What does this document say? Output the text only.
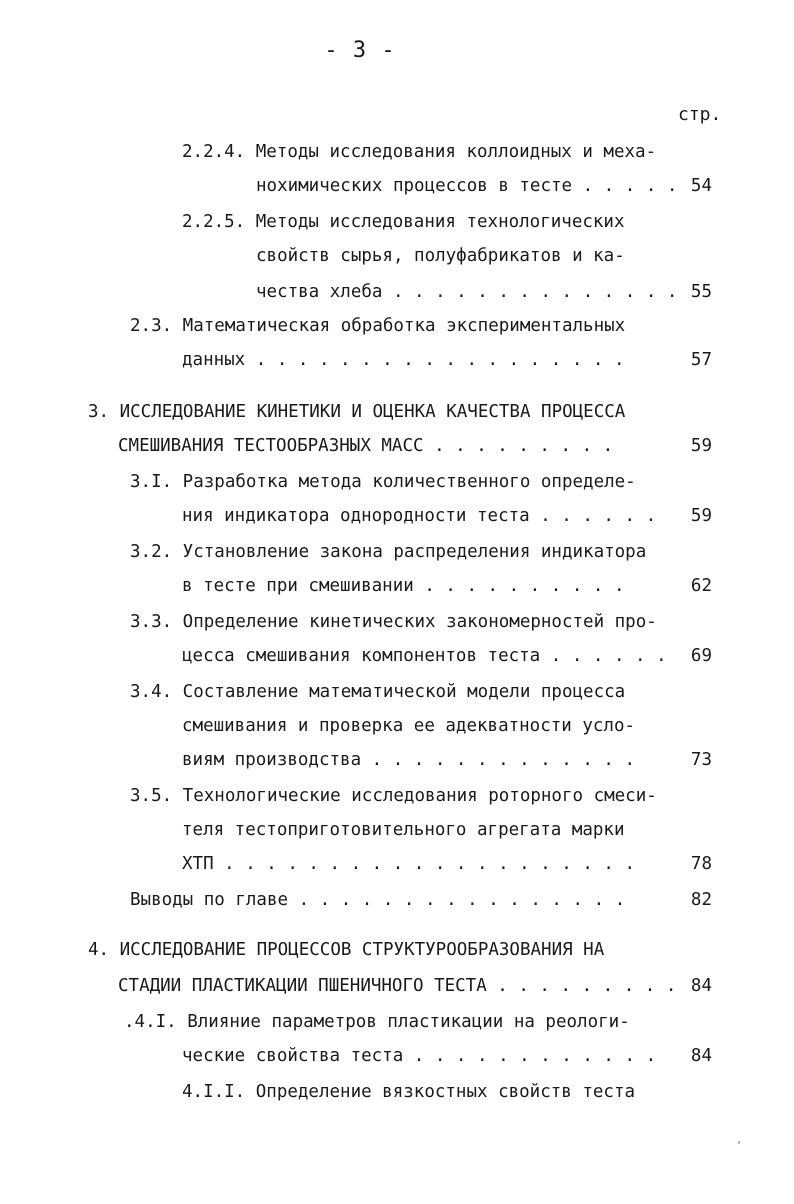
- 3 -
стр.
2.2.4. Методы исследования коллоидных и меха-
нохимических процессов в тесте . . . . . 54
2.2.5. Методы исследования технологических
свойств сырья, полуфабрикатов и ка-
чества хлеба . . . . . . . . . . . . . . 55
2.3. Математическая обработка экспериментальных
данных . . . . . . . . . . . . . . . . . .	57
3. ИССЛЕДОВАНИЕ КИНЕТИКИ И ОЦЕНКА КАЧЕСТВА ПРОЦЕССА
СМЕШИВАНИЯ ТЕСТООБРАЗНЫХ МАСС . . . . . . . . .	59
3.I. Разработка метода количественного определе-
ния индикатора однородности теста . . . . . .	59
3.2. Установление закона распределения индикатора
в тесте при смешивании . . . . . . . . . .	62
3.3. Определение кинетических закономерностей про-
цесса смешивания компонентов теста . . . . . .	69
3.4. Составление математической модели процесса
смешивания и проверка ее адекватности усло-
виям производства . . . . . . . . . . . . .	73
3.5. Технологические исследования роторного смеси-
теля тестоприготовительного агрегата марки
ХТП . . . . . . . . . . . . . . . . . . . .	78
Выводы по главе . . . . . . . . . . . . . . . .	82
4. ИССЛЕДОВАНИЕ ПРОЦЕССОВ СТРУКТУРООБРАЗОВАНИЯ НА
СТАДИИ ПЛАСТИКАЦИИ ПШЕНИЧНОГО ТЕСТА . . . . . . . . . 84
.4.I. Влияние параметров пластикации на реологи-
ческие свойства теста . . . . . . . . . . . .	84
4.I.I. Определение вязкостных свойств теста
'
